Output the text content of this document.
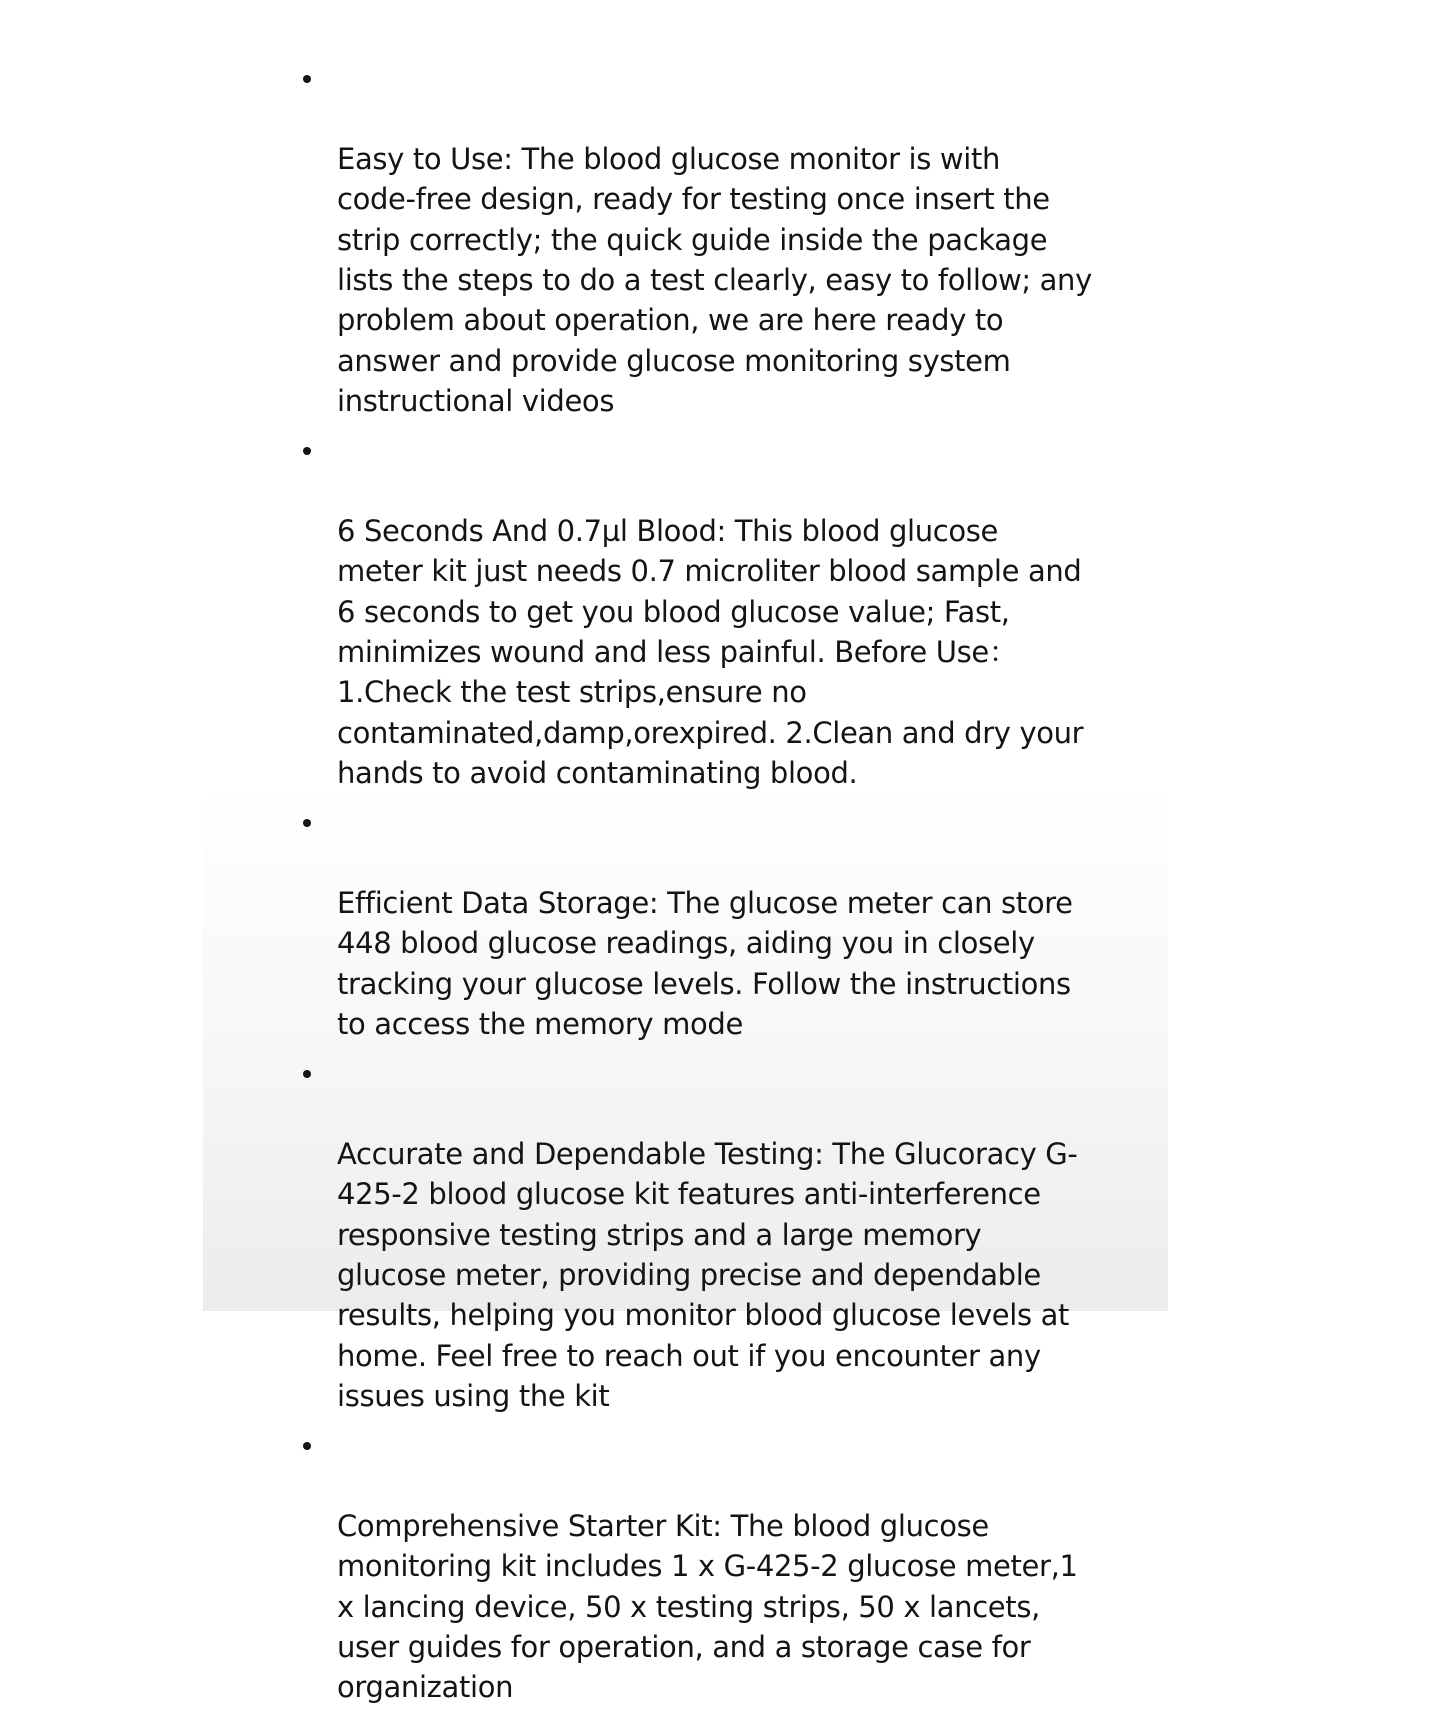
Easy to Use: The blood glucose monitor is with
code-free design, ready for testing once insert the
strip correctly; the quick guide inside the package
lists the steps to do a test clearly, easy to follow; any
problem about operation, we are here ready to
answer and provide glucose monitoring system
instructional videos

6 Seconds And 0.7µl Blood: This blood glucose
meter kit just needs 0.7 microliter blood sample and
6 seconds to get you blood glucose value; Fast,
minimizes wound and less painful. Before Use：
1.Check the test strips,ensure no
contaminated,damp,orexpired. 2.Clean and dry your
hands to avoid contaminating blood.

Efficient Data Storage: The glucose meter can store
448 blood glucose readings, aiding you in closely
tracking your glucose levels. Follow the instructions
to access the memory mode

Accurate and Dependable Testing: The Glucoracy G-
425-2 blood glucose kit features anti-interference
responsive testing strips and a large memory
glucose meter, providing precise and dependable
results, helping you monitor blood glucose levels at
home. Feel free to reach out if you encounter any
issues using the kit

Comprehensive Starter Kit: The blood glucose
monitoring kit includes 1 x G-425-2 glucose meter,1
x lancing device, 50 x testing strips, 50 x lancets,
user guides for operation, and a storage case for
organization
